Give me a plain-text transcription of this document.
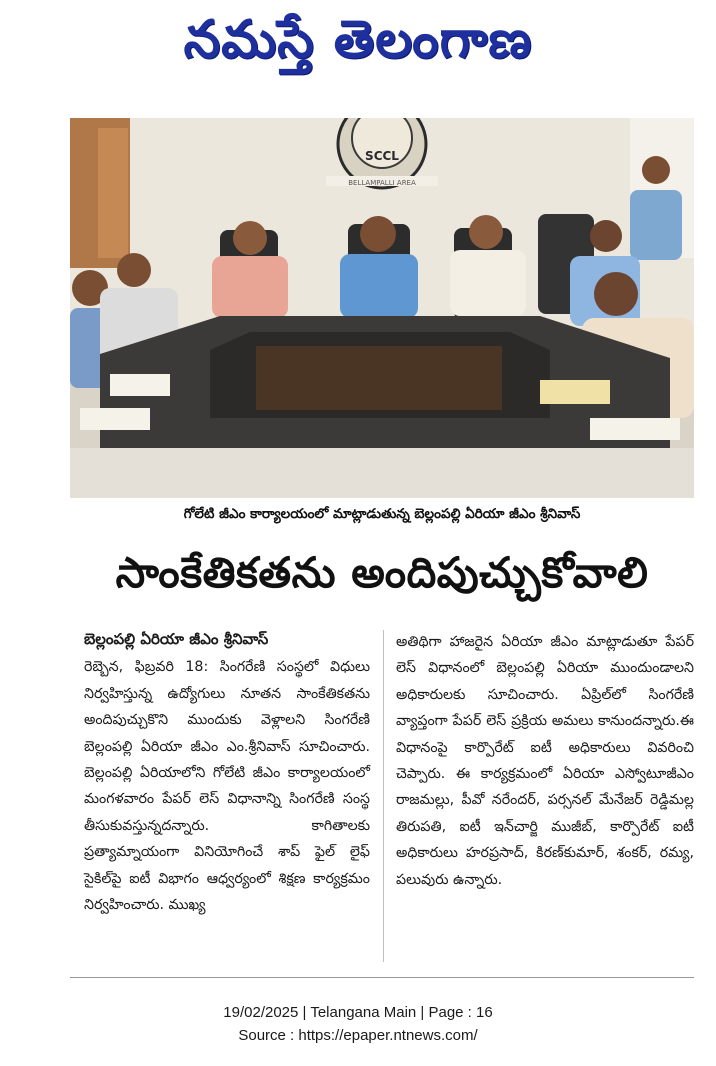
నమస్తే తెలంగాణ
SCCL
BELLAMPALLI AREA
గోలేటి జీఎం కార్యాలయంలో మాట్లాడుతున్న బెల్లంపల్లి ఏరియా జీఎం శ్రీనివాస్
సాంకేతికతను అందిపుచ్చుకోవాలి
బెల్లంపల్లి ఏరియా జీఎం శ్రీనివాస్
రెబ్బెన, ఫిబ్రవరి 18: సింగరేణి సంస్థలో విధులు నిర్వహిస్తున్న ఉద్యోగులు నూతన సాంకేతికతను అందిపుచ్చుకొని ముందుకు వెళ్లాలని సింగరేణి బెల్లంపల్లి ఏరియా జీఎం ఎం.శ్రీనివాస్ సూచించారు. బెల్లంపల్లి ఏరియాలోని గోలేటి జీఎం కార్యాలయంలో మంగళవారం పేపర్ లెస్ విధానాన్ని సింగరేణి సంస్థ తీసుకువస్తున్నదన్నారు. కాగితాలకు ప్రత్యామ్నాయంగా వినియోగించే శాప్ ఫైల్ లైఫ్ సైకిల్‌పై ఐటీ విభాగం ఆధ్వర్యంలో శిక్షణ కార్యక్రమం నిర్వహించారు. ముఖ్య
అతిథిగా హాజరైన ఏరియా జీఎం మాట్లాడుతూ పేపర్ లెస్ విధానంలో బెల్లంపల్లి ఏరియా ముందుండాలని అధికారులకు సూచించారు. ఏప్రిల్‌లో సింగరేణి వ్యాప్తంగా పేపర్ లెస్ ప్రక్రియ అమలు కానుందన్నారు.ఈ విధానంపై కార్పొరేట్ ఐటీ అధికారులు వివరించి చెప్పారు. ఈ కార్యక్రమంలో ఏరియా ఎస్వోటూజీఎం రాజమల్లు, పీవో నరేందర్, పర్సనల్ మేనేజర్ రెడ్డిమల్ల తిరుపతి, ఐటీ ఇన్‌చార్జి ముజీబ్, కార్పొరేట్ ఐటీ అధికారులు హరప్రసాద్, కిరణ్‌కుమార్, శంకర్, రమ్య, పలువురు ఉన్నారు.
19/02/2025 | Telangana Main | Page : 16
Source : https://epaper.ntnews.com/
